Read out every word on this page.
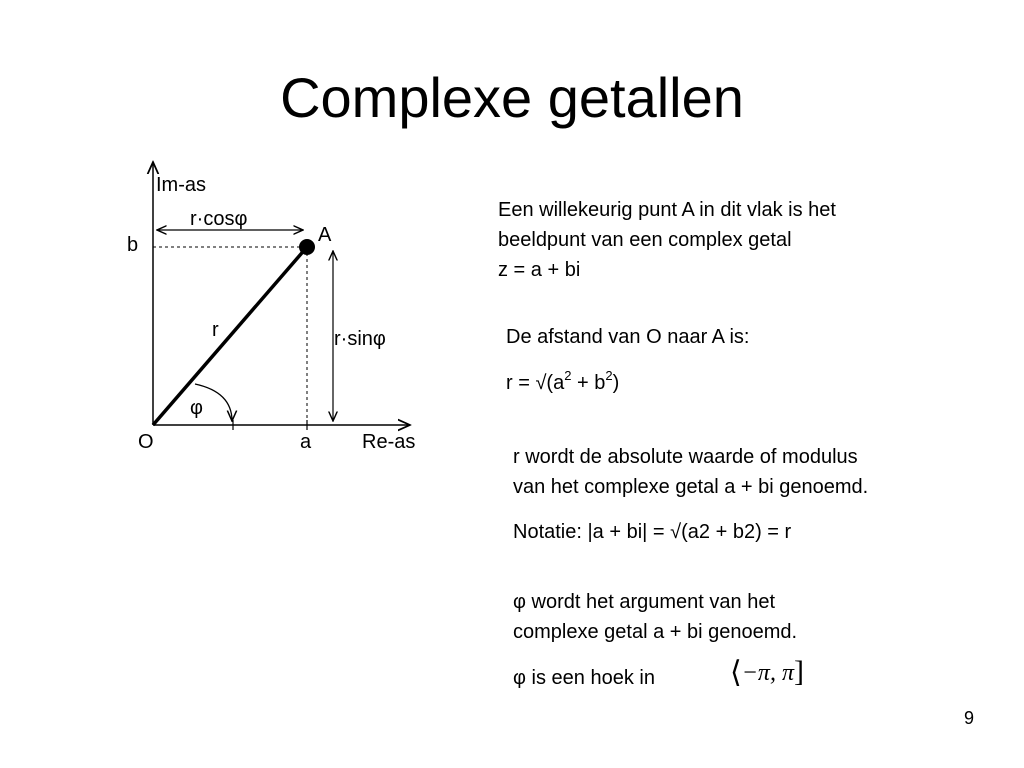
Complexe getallen
Im-as
Re-as
O	a
b	A
r
φ
r·cosφ
r·sinφ
Een willekeurig punt A in dit vlak is het
beeldpunt van een complex getal
z = a + bi
De afstand van O naar A is:
$r = √(a^2 + b^2)$
r wordt de absolute waarde of modulus
van het complexe getal a + bi genoemd.
Notatie: |a + bi| = √(a2 + b2) = r
φ wordt het argument van het
complexe getal a + bi genoemd.
φ is een hoek in	⟨−π, π]
9
